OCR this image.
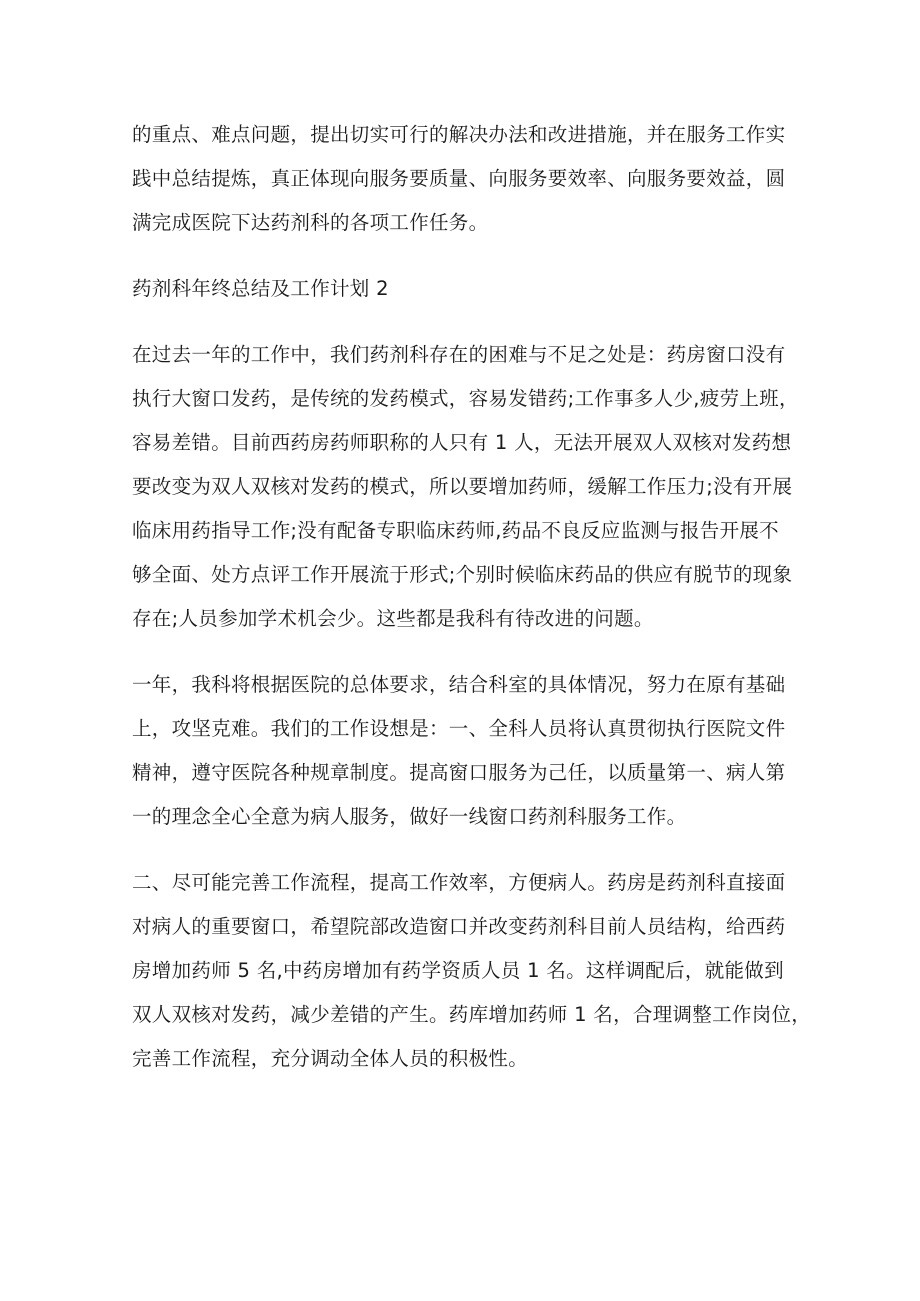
的重点、难点问题，提出切实可行的解决办法和改进措施，并在服务工作实
践中总结提炼，真正体现向服务要质量、向服务要效率、向服务要效益，圆
满完成医院下达药剂科的各项工作任务。
药剂科年终总结及工作计划 2
在过去一年的工作中，我们药剂科存在的困难与不足之处是：药房窗口没有
执行大窗口发药，是传统的发药模式，容易发错药;工作事多人少,疲劳上班，
容易差错。目前西药房药师职称的人只有 1 人，无法开展双人双核对发药想
要改变为双人双核对发药的模式，所以要增加药师，缓解工作压力;没有开展
临床用药指导工作;没有配备专职临床药师,药品不良反应监测与报告开展不
够全面、处方点评工作开展流于形式;个别时候临床药品的供应有脱节的现象
存在;人员参加学术机会少。这些都是我科有待改进的问题。
一年，我科将根据医院的总体要求，结合科室的具体情况，努力在原有基础
上，攻坚克难。我们的工作设想是：一、全科人员将认真贯彻执行医院文件
精神，遵守医院各种规章制度。提高窗口服务为己任，以质量第一、病人第
一的理念全心全意为病人服务，做好一线窗口药剂科服务工作。
二、尽可能完善工作流程，提高工作效率，方便病人。药房是药剂科直接面
对病人的重要窗口，希望院部改造窗口并改变药剂科目前人员结构，给西药
房增加药师 5 名,中药房增加有药学资质人员 1 名。这样调配后，就能做到
双人双核对发药，减少差错的产生。药库增加药师 1 名，合理调整工作岗位，
完善工作流程，充分调动全体人员的积极性。
